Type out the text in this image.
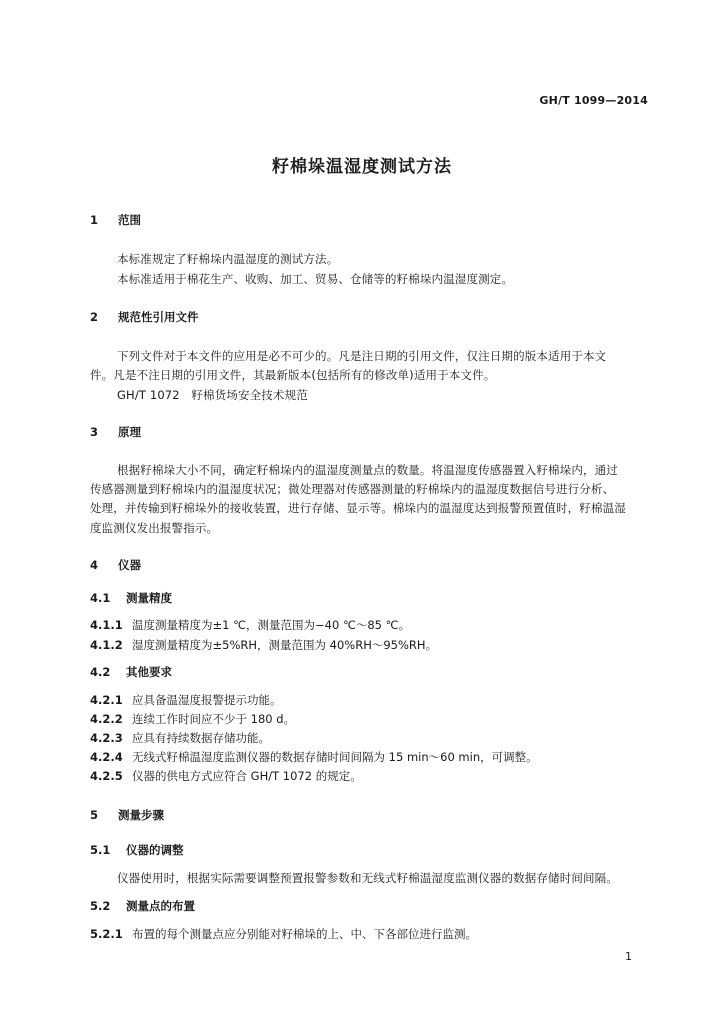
GH/T 1099—2014
籽棉垛温湿度测试方法
1 范围
本标准规定了籽棉垛内温湿度的测试方法。
本标准适用于棉花生产、收购、加工、贸易、仓储等的籽棉垛内温湿度测定。
2 规范性引用文件
下列文件对于本文件的应用是必不可少的。凡是注日期的引用文件，仅注日期的版本适用于本文
件。凡是不注日期的引用文件，其最新版本(包括所有的修改单)适用于本文件。
GH/T 1072　籽棉货场安全技术规范
3 原理
根据籽棉垛大小不同，确定籽棉垛内的温湿度测量点的数量。将温湿度传感器置入籽棉垛内，通过
传感器测量到籽棉垛内的温湿度状况；微处理器对传感器测量的籽棉垛内的温湿度数据信号进行分析、
处理，并传输到籽棉垛外的接收装置，进行存储、显示等。棉垛内的温湿度达到报警预置值时，籽棉温湿
度监测仪发出报警指示。
4 仪器
4.1 测量精度
4.1.1 温度测量精度为±1 ℃，测量范围为−40 ℃～85 ℃。
4.1.2 湿度测量精度为±5%RH，测量范围为 40%RH～95%RH。
4.2 其他要求
4.2.1 应具备温湿度报警提示功能。
4.2.2 连续工作时间应不少于 180 d。
4.2.3 应具有持续数据存储功能。
4.2.4 无线式籽棉温湿度监测仪器的数据存储时间间隔为 15 min～60 min，可调整。
4.2.5 仪器的供电方式应符合 GH/T 1072 的规定。
5 测量步骤
5.1 仪器的调整
仪器使用时，根据实际需要调整预置报警参数和无线式籽棉温湿度监测仪器的数据存储时间间隔。
5.2 测量点的布置
5.2.1 布置的每个测量点应分别能对籽棉垛的上、中、下各部位进行监测。
1
